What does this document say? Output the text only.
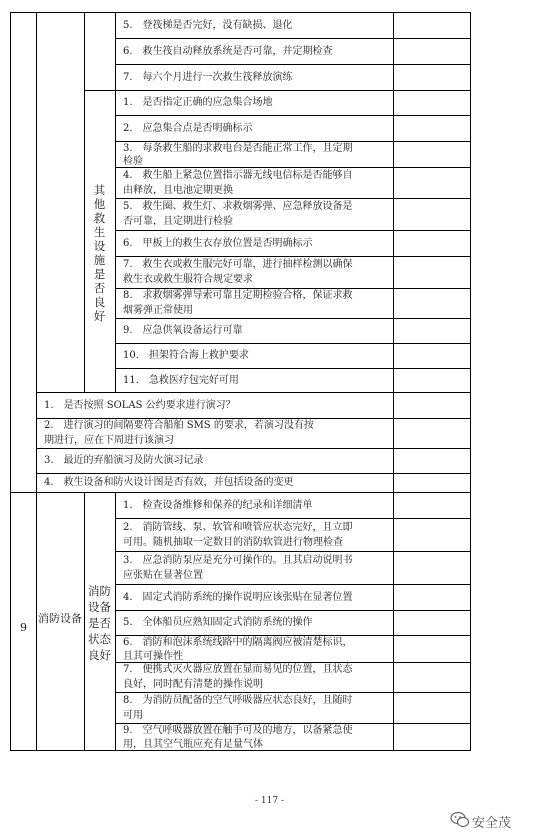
5.　登筏梯是否完好，没有缺损、退化
6.　救生筏自动释放系统是否可靠，并定期检查
7.　每六个月进行一次救生筏释放演练
1.　是否指定正确的应急集合场地
2.　应急集合点是否明确标示
3.　每条救生船的求救电台是否能正常工作，且定期
检验
4.　救生船上紧急位置指示器无线电信标是否能够自
由释放，且电池定期更换
5.　救生圈、救生灯、求救烟雾弹、应急释放设备是
否可靠，且定期进行检验
6.　甲板上的救生衣存放位置是否明确标示
7.　救生衣或救生服完好可靠，进行抽样检测以确保
救生衣或救生服符合规定要求
8.　求救烟雾弹导索可靠且定期检验合格，保证求救
烟雾弹正常使用
9.　应急供氧设备运行可靠
10.　担架符合海上救护要求
11.　急救医疗包完好可用
1.　是否按照 SOLAS 公约要求进行演习？
2.　进行演习的间隔要符合船舶 SMS 的要求，若演习没有按
期进行，应在下周进行该演习
3.　最近的弃船演习及防火演习记录
4.　救生设备和防火设计图是否有效，并包括设备的变更
1.　检查设备维修和保养的纪录和详细清单
2.　消防管线、泵、软管和喷管应状态完好，且立即
可用。随机抽取一定数目的消防软管进行物理检查
3.　应急消防泵应是充分可操作的。且其启动说明书
应张贴在显著位置
4.　固定式消防系统的操作说明应该张贴在显著位置
5.　全体船员应熟知固定式消防系统的操作
6.　消防和泡沫系统线路中的隔离阀应被清楚标识，
且其可操作性
7.　便携式灭火器应放置在显而易见的位置，且状态
良好，同时配有清楚的操作说明
8.　为消防员配备的空气呼吸器应状态良好，且随时
可用
9.　空气呼吸器放置在触手可及的地方，以备紧急使
用，且其空气瓶应充有足量气体
其
他
救
生
设
施
是
否
良
好
消防
设备
是否
状态
良好
9
消防设备
- 117 -
安全茂
